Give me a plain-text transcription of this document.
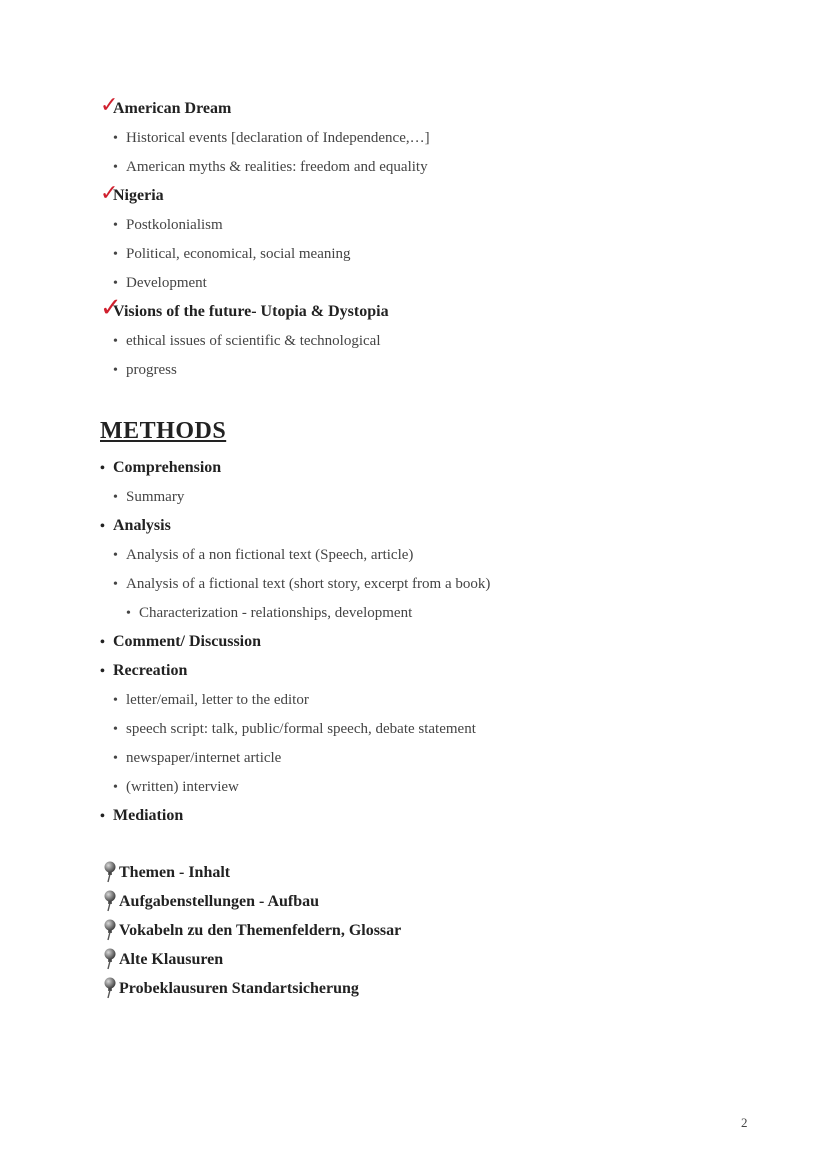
✓
American Dream
• Historical events [declaration of Independence,…]
• American myths & realities: freedom and equality
✓
Nigeria
• Postkolonialism
• Political, economical, social meaning
• Development
✓
Visions of the future- Utopia & Dystopia
• ethical issues of scientific & technological
• progress
METHODS
• Comprehension
• Summary
• Analysis
• Analysis of a non fictional text (Speech, article)
• Analysis of a fictional text (short story, excerpt from a book)
• Characterization - relationships, development
• Comment/ Discussion
• Recreation
• letter/email, letter to the editor
• speech script: talk, public/formal speech, debate statement
• newspaper/internet article
• (written) interview
• Mediation
Themen - Inhalt
Aufgabenstellungen - Aufbau
Vokabeln zu den Themenfeldern, Glossar
Alte Klausuren
Probeklausuren Standartsicherung
2
